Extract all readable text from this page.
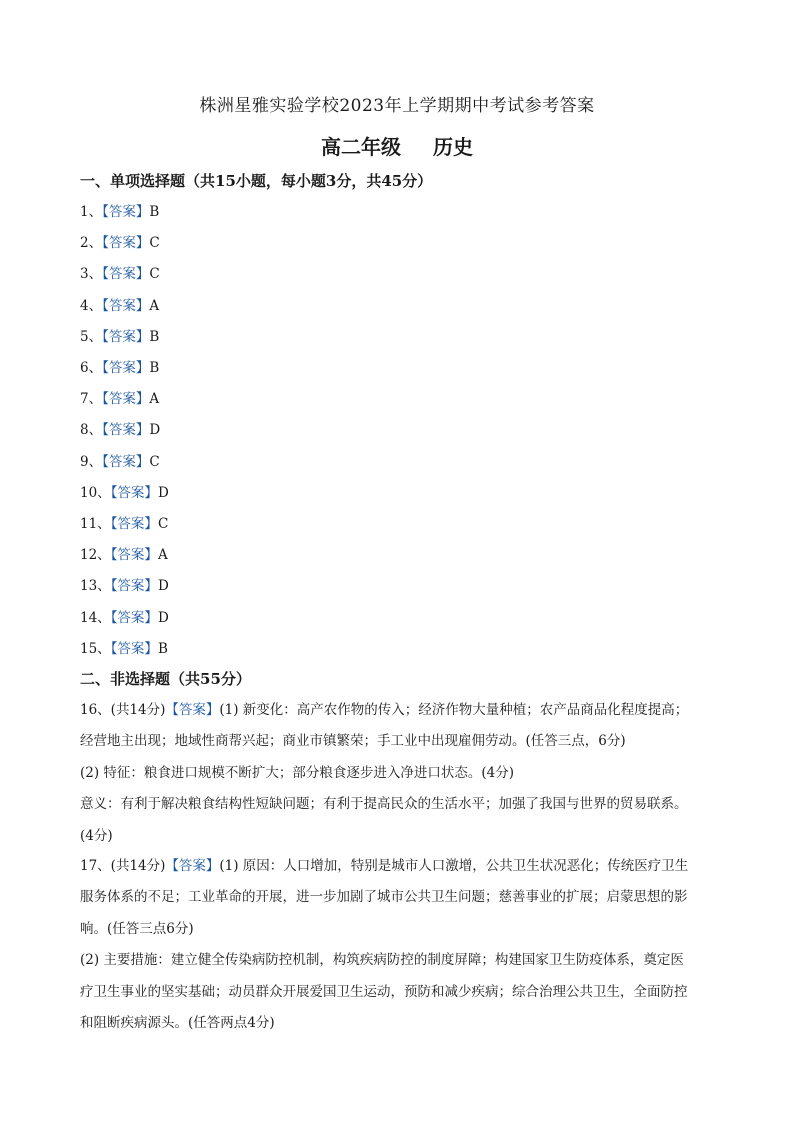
株洲星雅实验学校2023年上学期期中考试参考答案
高二年级 历史
一、单项选择题（共15小题，每小题3分，共45分）
1、【答案】B
2、【答案】C
3、【答案】C
4、【答案】A
5、【答案】B
6、【答案】B
7、【答案】A
8、【答案】D
9、【答案】C
10、【答案】D
11、【答案】C
12、【答案】A
13、【答案】D
14、【答案】D
15、【答案】B
二、非选择题（共55分）
16、(共14分)【答案】(1) 新变化：高产农作物的传入；经济作物大量种植；农产品商品化程度提高；
经营地主出现；地域性商帮兴起；商业市镇繁荣；手工业中出现雇佣劳动。(任答三点，6分)
(2) 特征：粮食进口规模不断扩大；部分粮食逐步进入净进口状态。(4分)
意义：有利于解决粮食结构性短缺问题；有利于提高民众的生活水平；加强了我国与世界的贸易联系。
(4分)
17、(共14分)【答案】(1) 原因：人口增加，特别是城市人口激增，公共卫生状况恶化；传统医疗卫生
服务体系的不足；工业革命的开展，进一步加剧了城市公共卫生问题；慈善事业的扩展；启蒙思想的影
响。(任答三点6分)
(2) 主要措施：建立健全传染病防控机制，构筑疾病防控的制度屏障；构建国家卫生防疫体系，奠定医
疗卫生事业的坚实基础；动员群众开展爱国卫生运动，预防和减少疾病；综合治理公共卫生，全面防控
和阻断疾病源头。(任答两点4分)
